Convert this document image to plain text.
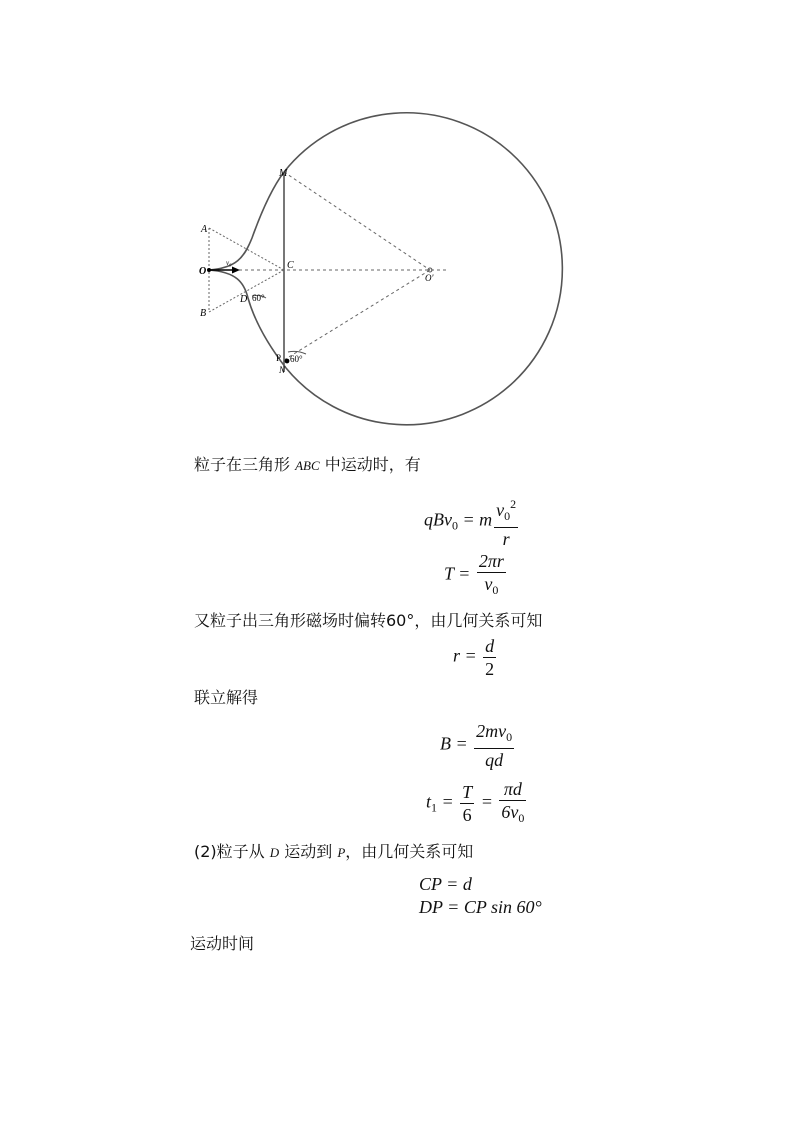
M
A
O
v₀	C
O'
D 60°
B
P 60°
N
粒子在三角形 ABC 中运动时，有
qBv$_0$ = m $\frac{v_0^2}{r}$
$T = \frac{2\pi r}{v_0}$
又粒子出三角形磁场时偏转60°，由几何关系可知
$r = \frac{d}{2}$
联立解得
$B = \frac{2mv_0}{qd}$
$t_1 = \frac{T}{6} = \frac{\pi d}{6v_0}$
(2)粒子从 D 运动到 P，由几何关系可知
CP = d
DP = CP sin 60°
运动时间
